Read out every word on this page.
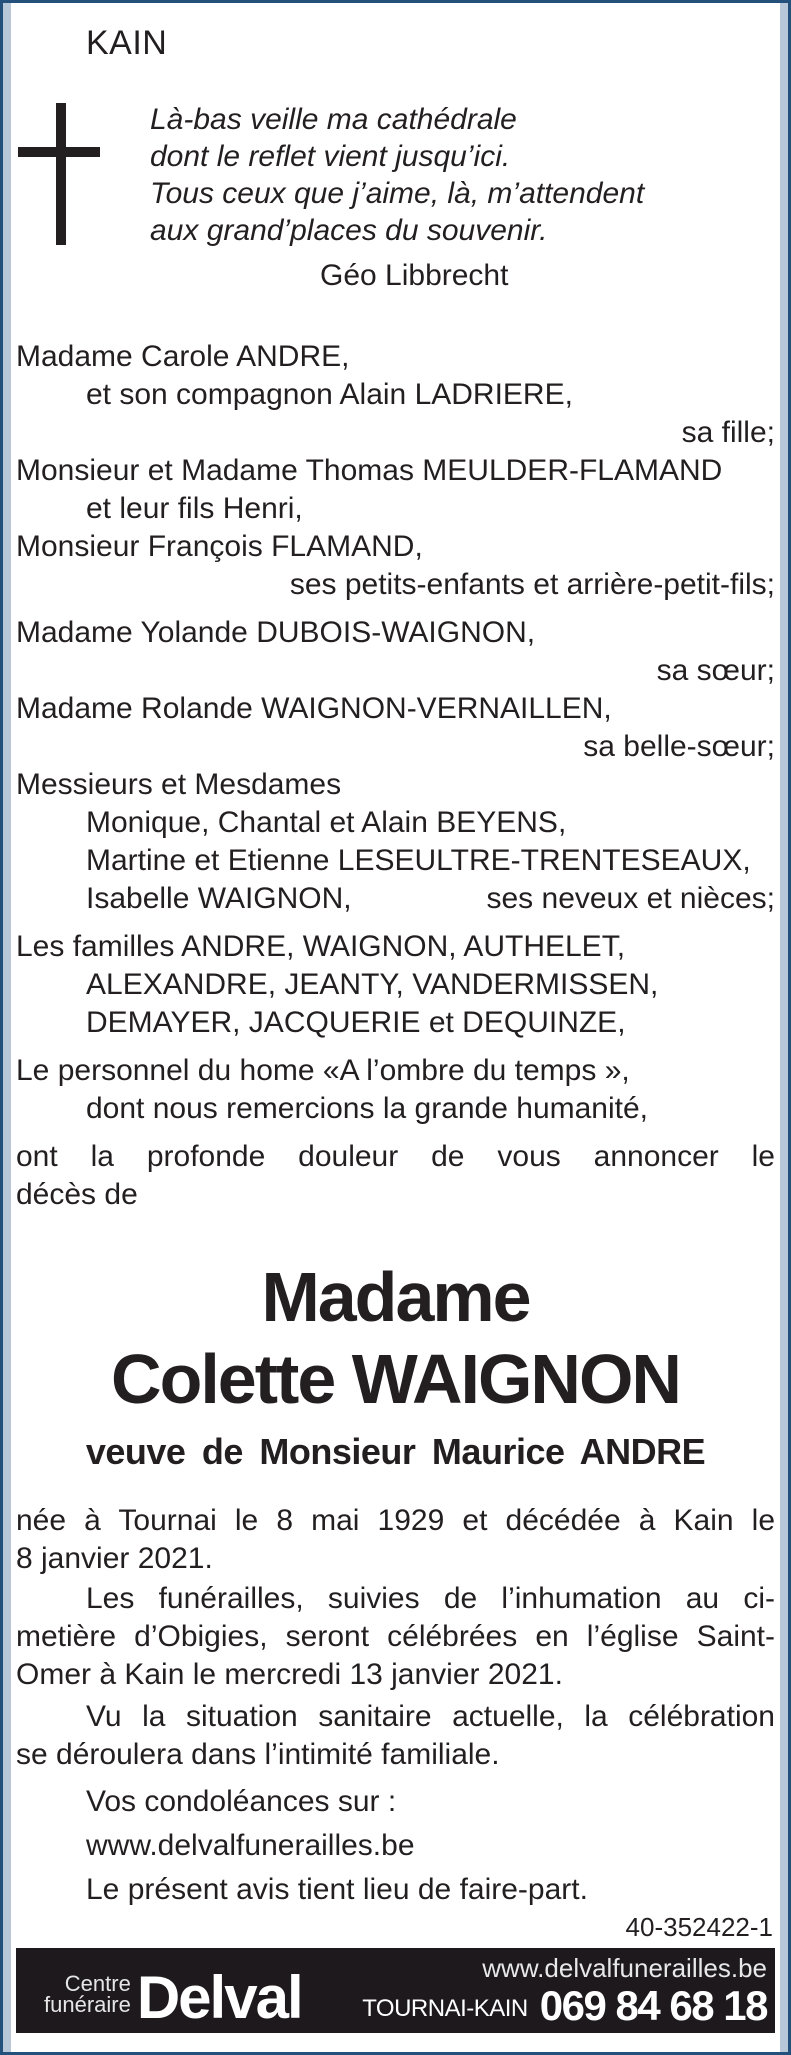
KAIN
Là-bas veille ma cathédrale
dont le reflet vient jusqu’ici.
Tous ceux que j’aime, là, m’attendent
aux grand’places du souvenir.
Géo Libbrecht
Madame Carole ANDRE,
et son compagnon Alain LADRIERE,
sa fille;
Monsieur et Madame Thomas MEULDER-FLAMAND
et leur fils Henri,
Monsieur François FLAMAND,
ses petits-enfants et arrière-petit-fils;
Madame Yolande DUBOIS-WAIGNON,
sa sœur;
Madame Rolande WAIGNON-VERNAILLEN,
sa belle-sœur;
Messieurs et Mesdames
Monique, Chantal et Alain BEYENS,
Martine et Etienne LESEULTRE-TRENTESEAUX,
Isabelle WAIGNON,	ses neveux et nièces;
Les familles ANDRE, WAIGNON, AUTHELET,
ALEXANDRE, JEANTY, VANDERMISSEN,
DEMAYER, JACQUERIE et DEQUINZE,
Le personnel du home «A l’ombre du temps »,
dont nous remercions la grande humanité,
ont la profonde douleur de vous annoncer le
décès de
Madame
Colette WAIGNON
veuve de Monsieur Maurice ANDRE
née à Tournai le 8 mai 1929 et décédée à Kain le
8 janvier 2021.
Les funérailles, suivies de l’inhumation au ci-
metière d’Obigies, seront célébrées en l’église Saint-
Omer à Kain le mercredi 13 janvier 2021.
Vu la situation sanitaire actuelle, la célébration
se déroulera dans l’intimité familiale.
Vos condoléances sur :
www.delvalfunerailles.be
Le présent avis tient lieu de faire-part.
40-352422-1
Centre
funéraire Delval	www.delvalfunerailles.be
TOURNAI-KAIN 069 84 68 18
